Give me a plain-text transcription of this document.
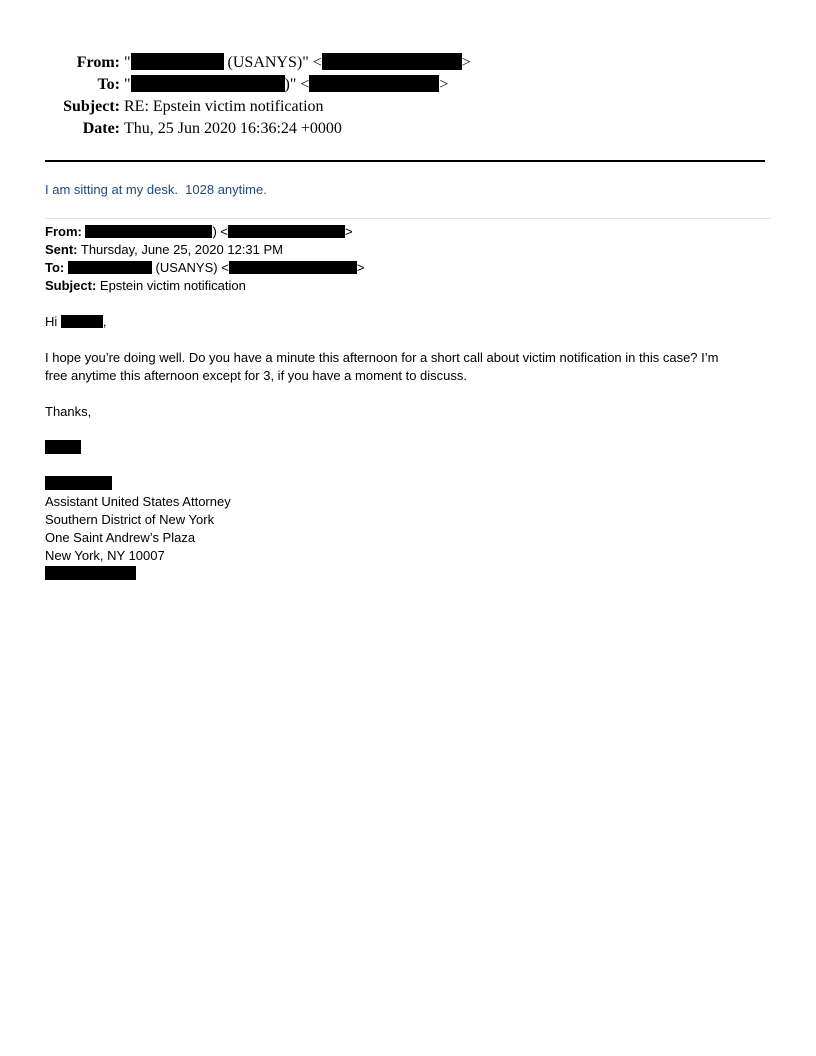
From: "	(USANYS)" <	>
To: "	)" <	>
Subject: RE: Epstein victim notification
Date: Thu, 25 Jun 2020 16:36:24 +0000
I am sitting at my desk.  1028 anytime.
From:	) <	>
Sent: Thursday, June 25, 2020 12:31 PM
To:	(USANYS) <	>
Subject: Epstein victim notification
Hi	,
I hope you’re doing well. Do you have a minute this afternoon for a short call about victim notification in this case? I’m
free anytime this afternoon except for 3, if you have a moment to discuss.
Thanks,
Assistant United States Attorney
Southern District of New York
One Saint Andrew’s Plaza
New York, NY 10007
